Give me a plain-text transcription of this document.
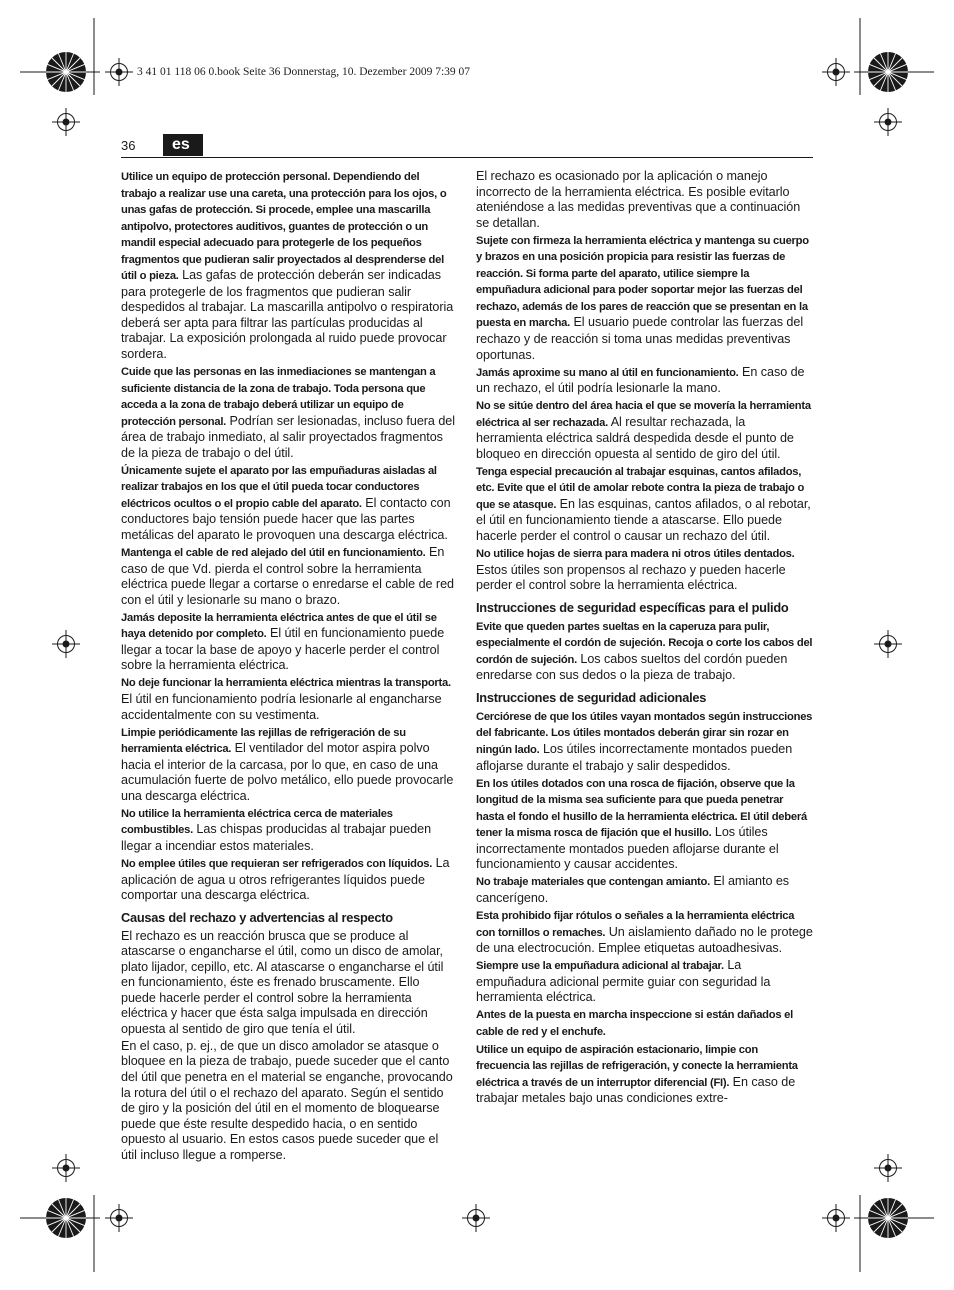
3 41 01 118 06 0.book Seite 36 Donnerstag, 10. Dezember 2009 7:39 07
36	es

Utilice un equipo de protección personal. Dependiendo del trabajo a realizar use una careta, una protección para los ojos, o unas gafas de protección. Si procede, emplee una mascarilla antipolvo, protectores auditivos, guantes de protección o un mandil especial adecuado para protegerle de los pequeños fragmentos que pudieran salir proyectados al desprenderse del útil o pieza. Las gafas de protección deberán ser indicadas para protegerle de los fragmentos que pudieran salir despedidos al trabajar. La mascarilla antipolvo o respiratoria deberá ser apta para filtrar las partículas producidas al trabajar. La exposición prolongada al ruido puede provocar sordera.

Cuide que las personas en las inmediaciones se mantengan a suficiente distancia de la zona de trabajo. Toda persona que acceda a la zona de trabajo deberá utilizar un equipo de protección personal. Podrían ser lesionadas, incluso fuera del área de trabajo inmediato, al salir proyectados fragmentos de la pieza de trabajo o del útil.

Únicamente sujete el aparato por las empuñaduras aisladas al realizar trabajos en los que el útil pueda tocar conductores eléctricos ocultos o el propio cable del aparato. El contacto con conductores bajo tensión puede hacer que las partes metálicas del aparato le provoquen una descarga eléctrica.

Mantenga el cable de red alejado del útil en funcionamiento. En caso de que Vd. pierda el control sobre la herramienta eléctrica puede llegar a cortarse o enredarse el cable de red con el útil y lesionarle su mano o brazo.

Jamás deposite la herramienta eléctrica antes de que el útil se haya detenido por completo. El útil en funcionamiento puede llegar a tocar la base de apoyo y hacerle perder el control sobre la herramienta eléctrica.

No deje funcionar la herramienta eléctrica mientras la transporta. El útil en funcionamiento podría lesionarle al engancharse accidentalmente con su vestimenta.

Limpie periódicamente las rejillas de refrigeración de su herramienta eléctrica. El ventilador del motor aspira polvo hacia el interior de la carcasa, por lo que, en caso de una acumulación fuerte de polvo metálico, ello puede provocarle una descarga eléctrica.

No utilice la herramienta eléctrica cerca de materiales combustibles. Las chispas producidas al trabajar pueden llegar a incendiar estos materiales.

No emplee útiles que requieran ser refrigerados con líquidos. La aplicación de agua u otros refrigerantes líquidos puede comportar una descarga eléctrica.

Causas del rechazo y advertencias al respecto

El rechazo es un reacción brusca que se produce al atascarse o engancharse el útil, como un disco de amolar, plato lijador, cepillo, etc. Al atascarse o engancharse el útil en funcionamiento, éste es frenado bruscamente. Ello puede hacerle perder el control sobre la herramienta eléctrica y hacer que ésta salga impulsada en dirección opuesta al sentido de giro que tenía el útil.

En el caso, p. ej., de que un disco amolador se atasque o bloquee en la pieza de trabajo, puede suceder que el canto del útil que penetra en el material se enganche, provocando la rotura del útil o el rechazo del aparato. Según el sentido de giro y la posición del útil en el momento de bloquearse puede que éste resulte despedido hacia, o en sentido opuesto al usuario. En estos casos puede suceder que el útil incluso llegue a romperse.

El rechazo es ocasionado por la aplicación o manejo incorrecto de la herramienta eléctrica. Es posible evitarlo ateniéndose a las medidas preventivas que a continuación se detallan.

Sujete con firmeza la herramienta eléctrica y mantenga su cuerpo y brazos en una posición propicia para resistir las fuerzas de reacción. Si forma parte del aparato, utilice siempre la empuñadura adicional para poder soportar mejor las fuerzas del rechazo, además de los pares de reacción que se presentan en la puesta en marcha. El usuario puede controlar las fuerzas del rechazo y de reacción si toma unas medidas preventivas oportunas.

Jamás aproxime su mano al útil en funcionamiento. En caso de un rechazo, el útil podría lesionarle la mano.

No se sitúe dentro del área hacia el que se movería la herramienta eléctrica al ser rechazada. Al resultar rechazada, la herramienta eléctrica saldrá despedida desde el punto de bloqueo en dirección opuesta al sentido de giro del útil.

Tenga especial precaución al trabajar esquinas, cantos afilados, etc. Evite que el útil de amolar rebote contra la pieza de trabajo o que se atasque. En las esquinas, cantos afilados, o al rebotar, el útil en funcionamiento tiende a atascarse. Ello puede hacerle perder el control o causar un rechazo del útil.

No utilice hojas de sierra para madera ni otros útiles dentados. Estos útiles son propensos al rechazo y pueden hacerle perder el control sobre la herramienta eléctrica.

Instrucciones de seguridad específicas para el pulido

Evite que queden partes sueltas en la caperuza para pulir, especialmente el cordón de sujeción. Recoja o corte los cabos del cordón de sujeción. Los cabos sueltos del cordón pueden enredarse con sus dedos o la pieza de trabajo.

Instrucciones de seguridad adicionales

Cerciórese de que los útiles vayan montados según instrucciones del fabricante. Los útiles montados deberán girar sin rozar en ningún lado. Los útiles incorrectamente montados pueden aflojarse durante el trabajo y salir despedidos.

En los útiles dotados con una rosca de fijación, observe que la longitud de la misma sea suficiente para que pueda penetrar hasta el fondo el husillo de la herramienta eléctrica. El útil deberá tener la misma rosca de fijación que el husillo. Los útiles incorrectamente montados pueden aflojarse durante el funcionamiento y causar accidentes.

No trabaje materiales que contengan amianto. El amianto es cancerígeno.

Esta prohibido fijar rótulos o señales a la herramienta eléctrica con tornillos o remaches. Un aislamiento dañado no le protege de una electrocución. Emplee etiquetas autoadhesivas.

Siempre use la empuñadura adicional al trabajar. La empuñadura adicional permite guiar con seguridad la herramienta eléctrica.

Antes de la puesta en marcha inspeccione si están dañados el cable de red y el enchufe.

Utilice un equipo de aspiración estacionario, limpie con frecuencia las rejillas de refrigeración, y conecte la herramienta eléctrica a través de un interruptor diferencial (FI). En caso de trabajar metales bajo unas condiciones extre-
